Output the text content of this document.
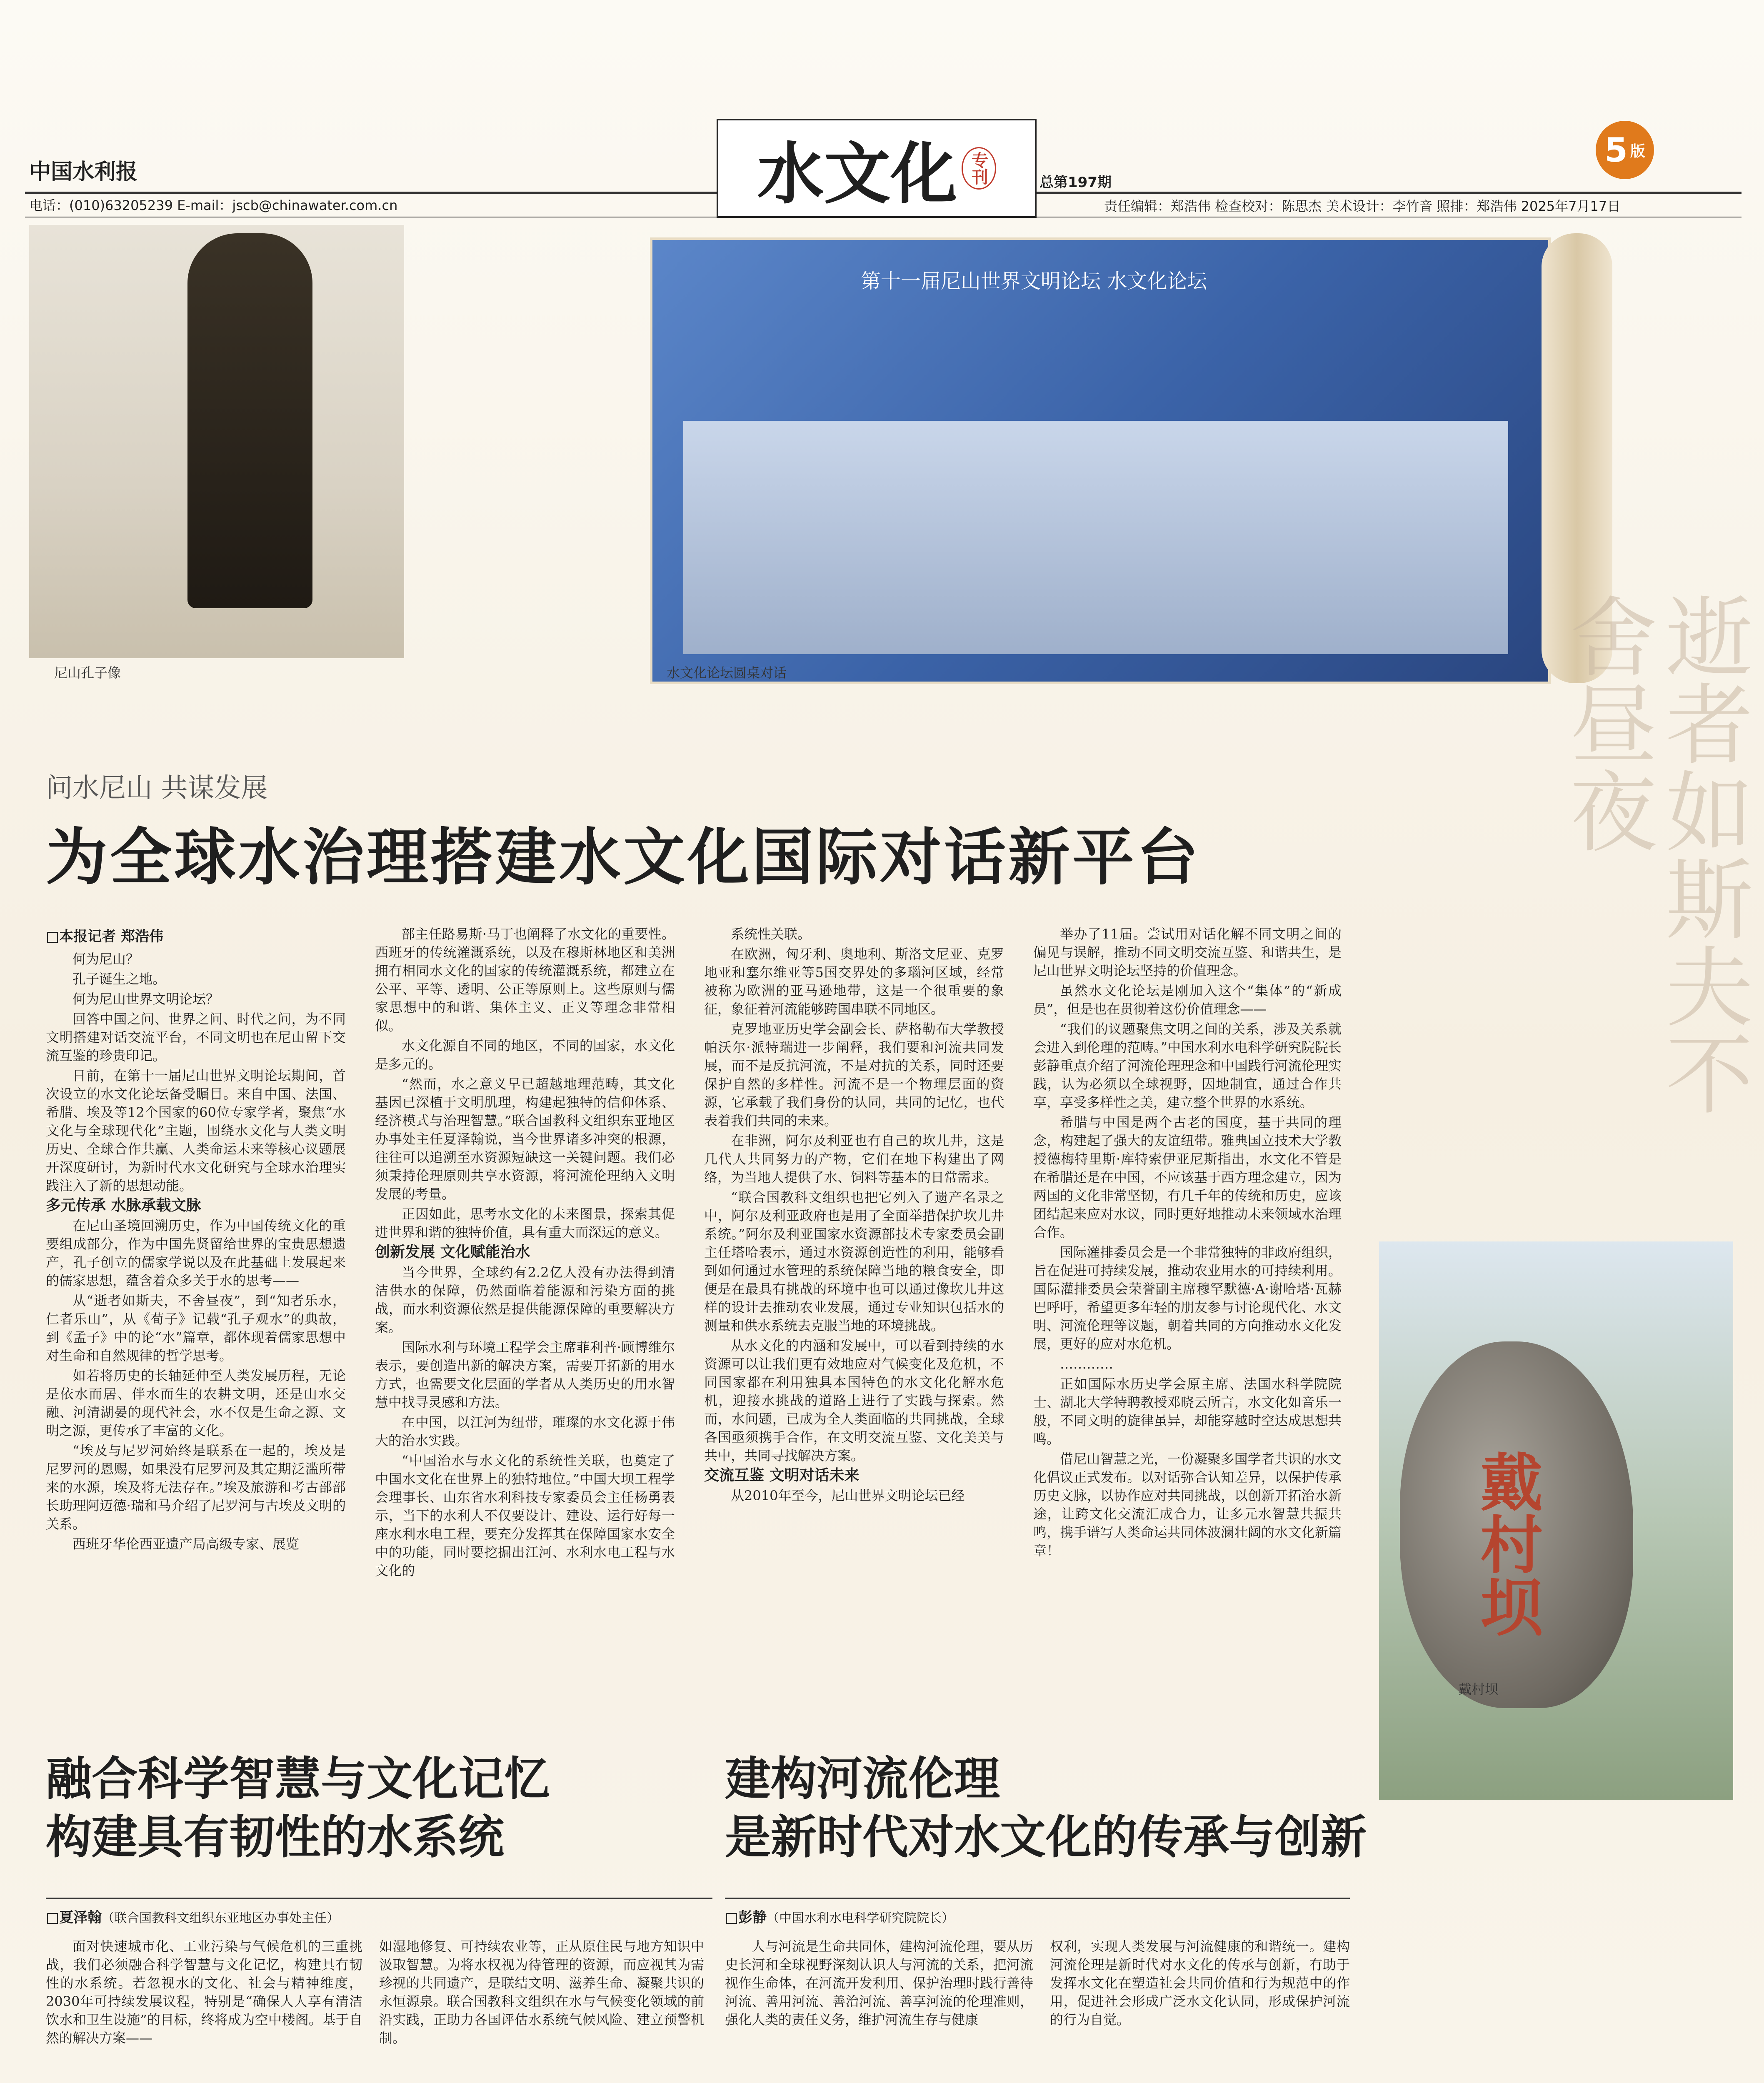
中国水利报
电话：(010)63205239 E-mail：jscb@chinawater.com.cn	水文化 专刊	总第197期
5 版
责任编辑：郑浩伟 检查校对：陈思杰 美术设计：李竹音 照排：郑浩伟 2025年7月17日
尼山孔子像
第十一届尼山世界文明论坛 水文化论坛
水文化论坛圆桌对话	逝者如斯夫不舍昼夜
问水尼山 共谋发展
为全球水治理搭建水文化国际对话新平台
□本报记者 郑浩伟

何为尼山？

孔子诞生之地。

何为尼山世界文明论坛？

回答中国之问、世界之问、时代之问，为不同文明搭建对话交流平台，不同文明也在尼山留下交流互鉴的珍贵印记。

日前，在第十一届尼山世界文明论坛期间，首次设立的水文化论坛备受瞩目。来自中国、法国、希腊、埃及等12个国家的60位专家学者，聚焦“水文化与全球现代化”主题，围绕水文化与人类文明历史、全球合作共赢、人类命运未来等核心议题展开深度研讨，为新时代水文化研究与全球水治理实践注入了新的思想动能。

多元传承 水脉承载文脉

在尼山圣境回溯历史，作为中国传统文化的重要组成部分，作为中国先贤留给世界的宝贵思想遗产，孔子创立的儒家学说以及在此基础上发展起来的儒家思想，蕴含着众多关于水的思考——

从“逝者如斯夫，不舍昼夜”，到“知者乐水，仁者乐山”，从《荀子》记载“孔子观水”的典故，到《孟子》中的论“水”篇章，都体现着儒家思想中对生命和自然规律的哲学思考。

如若将历史的长轴延伸至人类发展历程，无论是依水而居、伴水而生的农耕文明，还是山水交融、河清湖晏的现代社会，水不仅是生命之源、文明之源，更传承了丰富的文化。

“埃及与尼罗河始终是联系在一起的，埃及是尼罗河的恩赐，如果没有尼罗河及其定期泛滥所带来的水源，埃及将无法存在。”埃及旅游和考古部部长助理阿迈德·瑞和马介绍了尼罗河与古埃及文明的关系。

西班牙华伦西亚遗产局高级专家、展览

部主任路易斯·马丁也阐释了水文化的重要性。西班牙的传统灌溉系统，以及在穆斯林地区和美洲拥有相同水文化的国家的传统灌溉系统，都建立在公平、平等、透明、公正等原则上。这些原则与儒家思想中的和谐、集体主义、正义等理念非常相似。

水文化源自不同的地区，不同的国家，水文化是多元的。

“然而，水之意义早已超越地理范畴，其文化基因已深植于文明肌理，构建起独特的信仰体系、经济模式与治理智慧。”联合国教科文组织东亚地区办事处主任夏泽翰说，当今世界诸多冲突的根源，往往可以追溯至水资源短缺这一关键问题。我们必须秉持伦理原则共享水资源，将河流伦理纳入文明发展的考量。

正因如此，思考水文化的未来图景，探索其促进世界和谐的独特价值，具有重大而深远的意义。

创新发展 文化赋能治水

当今世界，全球约有2.2亿人没有办法得到清洁供水的保障，仍然面临着能源和污染方面的挑战，而水利资源依然是提供能源保障的重要解决方案。

国际水利与环境工程学会主席菲利普·顾博维尔表示，要创造出新的解决方案，需要开拓新的用水方式，也需要文化层面的学者从人类历史的用水智慧中找寻灵感和方法。

在中国，以江河为纽带，璀璨的水文化源于伟大的治水实践。

“中国治水与水文化的系统性关联，也奠定了中国水文化在世界上的独特地位。”中国大坝工程学会理事长、山东省水利科技专家委员会主任杨勇表示，当下的水利人不仅要设计、建设、运行好每一座水利水电工程，要充分发挥其在保障国家水安全中的功能，同时要挖掘出江河、水利水电工程与水文化的

系统性关联。

在欧洲，匈牙利、奥地利、斯洛文尼亚、克罗地亚和塞尔维亚等5国交界处的多瑙河区域，经常被称为欧洲的亚马逊地带，这是一个很重要的象征，象征着河流能够跨国串联不同地区。

克罗地亚历史学会副会长、萨格勒布大学教授帕沃尔·派特瑞进一步阐释，我们要和河流共同发展，而不是反抗河流，不是对抗的关系，同时还要保护自然的多样性。河流不是一个物理层面的资源，它承载了我们身份的认同，共同的记忆，也代表着我们共同的未来。

在非洲，阿尔及利亚也有自己的坎儿井，这是几代人共同努力的产物，它们在地下构建出了网络，为当地人提供了水、饲料等基本的日常需求。

“联合国教科文组织也把它列入了遗产名录之中，阿尔及利亚政府也是用了全面举措保护坎儿井系统。”阿尔及利亚国家水资源部技术专家委员会副主任塔哈表示，通过水资源创造性的利用，能够看到如何通过水管理的系统保障当地的粮食安全，即便是在最具有挑战的环境中也可以通过像坎儿井这样的设计去推动农业发展，通过专业知识包括水的测量和供水系统去克服当地的环境挑战。

从水文化的内涵和发展中，可以看到持续的水资源可以让我们更有效地应对气候变化及危机，不同国家都在利用独具本国特色的水文化化解水危机，迎接水挑战的道路上进行了实践与探索。然而，水问题，已成为全人类面临的共同挑战，全球各国亟须携手合作，在文明交流互鉴、文化美美与共中，共同寻找解决方案。

交流互鉴 文明对话未来

从2010年至今，尼山世界文明论坛已经

举办了11届。尝试用对话化解不同文明之间的偏见与误解，推动不同文明交流互鉴、和谐共生，是尼山世界文明论坛坚持的价值理念。

虽然水文化论坛是刚加入这个“集体”的“新成员”，但是也在贯彻着这份价值理念——

“我们的议题聚焦文明之间的关系，涉及关系就会进入到伦理的范畴。”中国水利水电科学研究院院长彭静重点介绍了河流伦理理念和中国践行河流伦理实践，认为必须以全球视野，因地制宜，通过合作共享，享受多样性之美，建立整个世界的水系统。

希腊与中国是两个古老的国度，基于共同的理念，构建起了强大的友谊纽带。雅典国立技术大学教授德梅特里斯·库特索伊亚尼斯指出，水文化不管是在希腊还是在中国，不应该基于西方理念建立，因为两国的文化非常坚韧，有几千年的传统和历史，应该团结起来应对水议，同时更好地推动未来领域水治理合作。

国际灌排委员会是一个非常独特的非政府组织，旨在促进可持续发展，推动农业用水的可持续利用。国际灌排委员会荣誉副主席穆罕默德·A·谢哈塔·瓦赫巴呼吁，希望更多年轻的朋友参与讨论现代化、水文明、河流伦理等议题，朝着共同的方向推动水文化发展，更好的应对水危机。

…………

正如国际水历史学会原主席、法国水科学院院士、湖北大学特聘教授邓晓云所言，水文化如音乐一般，不同文明的旋律虽异，却能穿越时空达成思想共鸣。

借尼山智慧之光，一份凝聚多国学者共识的水文化倡议正式发布。以对话弥合认知差异，以保护传承历史文脉，以协作应对共同挑战，以创新开拓治水新途，让跨文化交流汇成合力，让多元水智慧共振共鸣，携手谱写人类命运共同体波澜壮阔的水文化新篇章！	戴村坝
戴村坝
融合科学智慧与文化记忆
构建具有韧性的水系统
□夏泽翰（联合国教科文组织东亚地区办事处主任）

面对快速城市化、工业污染与气候危机的三重挑战，我们必须融合科学智慧与文化记忆，构建具有韧性的水系统。若忽视水的文化、社会与精神维度，2030年可持续发展议程，特别是“确保人人享有清洁饮水和卫生设施”的目标，终将成为空中楼阁。基于自然的解决方案——

如湿地修复、可持续农业等，正从原住民与地方知识中汲取智慧。为将水权视为待管理的资源，而应视其为需珍视的共同遗产，是联结文明、滋养生命、凝聚共识的永恒源泉。联合国教科文组织在水与气候变化领域的前沿实践，正助力各国评估水系统气候风险、建立预警机制。

建构河流伦理
是新时代对水文化的传承与创新
□彭静（中国水利水电科学研究院院长）

人与河流是生命共同体，建构河流伦理，要从历史长河和全球视野深刻认识人与河流的关系，把河流视作生命体，在河流开发利用、保护治理时践行善待河流、善用河流、善治河流、善享河流的伦理准则，强化人类的责任义务，维护河流生存与健康

权利，实现人类发展与河流健康的和谐统一。建构河流伦理是新时代对水文化的传承与创新，有助于发挥水文化在塑造社会共同价值和行为规范中的作用，促进社会形成广泛水文化认同，形成保护河流的行为自觉。
